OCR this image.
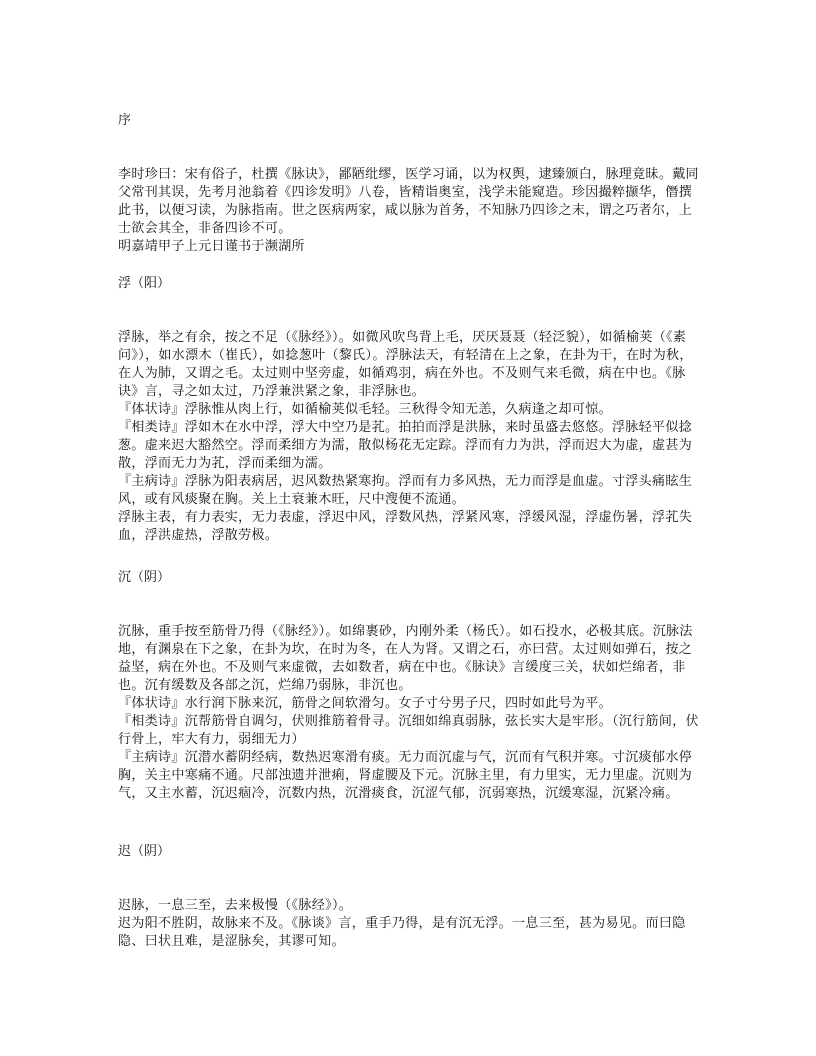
序

李时珍曰：宋有俗子，杜撰《脉诀》，鄙陋纰缪，医学习诵，以为权舆，逮臻颁白，脉理竟昧。戴同父常刊其误，先考月池翁着《四诊发明》八卷，皆精诣奥室，浅学未能窥造。珍因撮粹撷华，僭撰此书，以便习读，为脉指南。世之医病两家，咸以脉为首务，不知脉乃四诊之末，谓之巧者尔，上士欲会其全，非备四诊不可。

明嘉靖甲子上元日谨书于濒湖所

浮（阳）

浮脉，举之有余，按之不足（《脉经》）。如微风吹鸟背上毛，厌厌聂聂（轻泛貌），如循榆荚（《素问》），如水漂木（崔氏），如捻葱叶（黎氏）。浮脉法天，有轻清在上之象，在卦为干，在时为秋，在人为肺，又谓之毛。太过则中坚旁虚，如循鸡羽，病在外也。不及则气来毛微，病在中也。《脉诀》言，寻之如太过，乃浮兼洪紧之象，非浮脉也。

『体状诗』浮脉惟从肉上行，如循榆荚似毛轻。三秋得令知无恙，久病逢之却可惊。

『相类诗』浮如木在水中浮，浮大中空乃是芤。拍拍而浮是洪脉，来时虽盛去悠悠。浮脉轻平似捻葱。虚来迟大豁然空。浮而柔细方为濡，散似杨花无定踪。浮而有力为洪，浮而迟大为虚，虚甚为散，浮而无力为芤，浮而柔细为濡。

『主病诗』浮脉为阳表病居，迟风数热紧寒拘。浮而有力多风热，无力而浮是血虚。寸浮头痛眩生风，或有风痰聚在胸。关上土衰兼木旺，尺中溲便不流通。

浮脉主表，有力表实，无力表虚，浮迟中风，浮数风热，浮紧风寒，浮缓风湿，浮虚伤暑，浮芤失血，浮洪虚热，浮散劳极。

沉（阴）

沉脉，重手按至筋骨乃得（《脉经》）。如绵裹砂，内刚外柔（杨氏）。如石投水，必极其底。沉脉法地，有渊泉在下之象，在卦为坎，在时为冬，在人为肾。又谓之石，亦曰营。太过则如弹石，按之益坚，病在外也。不及则气来虚微，去如数者，病在中也。《脉诀》言缓度三关，状如烂绵者，非也。沉有缓数及各部之沉，烂绵乃弱脉，非沉也。

『体状诗』水行润下脉来沉，筋骨之间软滑匀。女子寸兮男子尺，四时如此号为平。

『相类诗』沉帮筋骨自调匀，伏则推筋着骨寻。沉细如绵真弱脉，弦长实大是牢形。（沉行筋间，伏行骨上，牢大有力，弱细无力）

『主病诗』沉潜水蓄阴经病，数热迟寒滑有痰。无力而沉虚与气，沉而有气积并寒。寸沉痰郁水停胸，关主中寒痛不通。尺部浊遗并泄痢，肾虚腰及下元。沉脉主里，有力里实，无力里虚。沉则为气，又主水蓄，沉迟痼冷，沉数内热，沉滑痰食，沉涩气郁，沉弱寒热，沉缓寒湿，沉紧冷痛。

迟（阴）

迟脉，一息三至，去来极慢（《脉经》）。

迟为阳不胜阴，故脉来不及。《脉谈》言，重手乃得，是有沉无浮。一息三至，甚为易见。而曰隐隐、曰状且难，是涩脉矣，其谬可知。
